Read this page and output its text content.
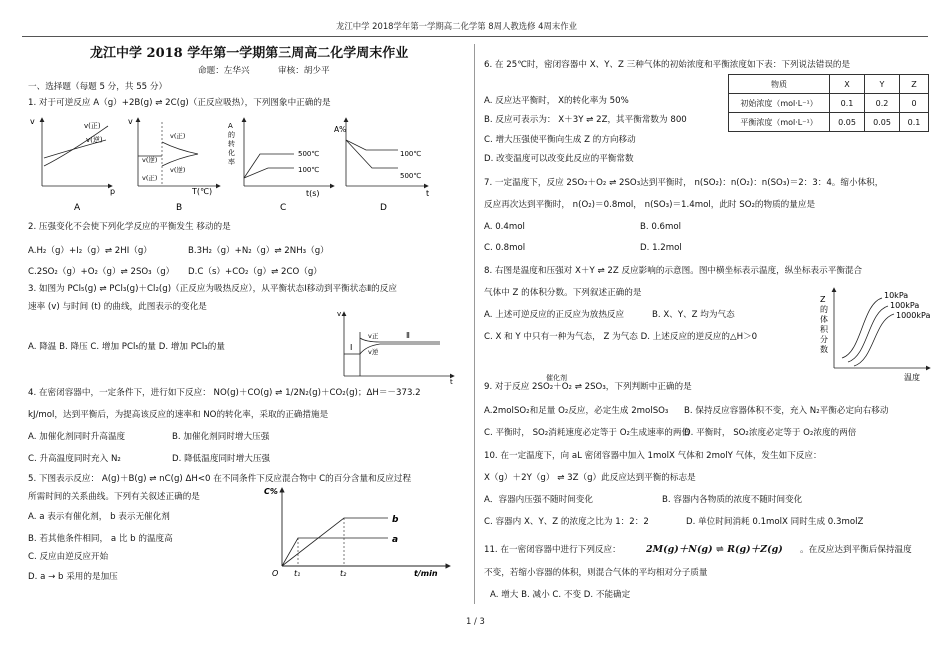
龙江中学 2018学年第一学期高二化学第 8周人教选修 4周末作业
龙江中学 2018 学年第一学期第三周高二化学周末作业
命题：左华兴	审核：胡少平
一、选择题（每题 5 分，共 55 分）
1. 对于可逆反应 A（g）+2B(g) ⇌ 2C(g)（正反应吸热），下列图象中正确的是
v
p
v(正)
v(逆)
A
v
T(℃)
v(正)
v(逆)
v(逆)
v(正)
B
A
的
转
化
率
500℃
100℃
t(s)
C
A%
100℃
500℃
t
D
2. 压强变化不会使下列化学反应的平衡发生 移动的是
A.H₂（g）+I₂（g）⇌ 2HI（g）	B.3H₂（g）+N₂（g）⇌ 2NH₃（g）
C.2SO₂（g）+O₂（g）⇌ 2SO₃（g） D.C（s）+CO₂（g）⇌ 2CO（g）
3. 如图为 PCl₅(g) ⇌ PCl₃(g)＋Cl₂(g)（正反应为吸热反应），从平衡状态Ⅰ移动到平衡状态Ⅱ的反应
速率 (v) 与时间 (t) 的曲线，此图表示的变化是
A. 降温 B. 降压 C. 增加 PCl₅的量 D. 增加 PCl₃的量
v
t
v正
v逆
Ⅰ
Ⅱ
4. 在密闭容器中，一定条件下，进行如下反应： NO(g)＋CO(g) ⇌ 1/2N₂(g)＋CO₂(g)；ΔH＝－373.2
kJ/mol，达到平衡后，为提高该反应的速率和 NO的转化率，采取的正确措施是
A. 加催化剂同时升高温度	B. 加催化剂同时增大压强
C. 升高温度同时充入 N₂	D. 降低温度同时增大压强
5. 下图表示反应： A(g)＋B(g) ⇌ nC(g) ΔH<0 在不同条件下反应混合物中 C的百分含量和反应过程
所需时间的关系曲线。下列有关叙述正确的是
A. a 表示有催化剂， b 表示无催化剂
B. 若其他条件相同， a 比 b 的温度高
C. 反应由逆反应开始
D. a → b 采用的是加压
C%
O t₁	t₂	t/min
b
a
6. 在 25℃时，密闭容器中 X、Y、Z 三种气体的初始浓度和平衡浓度如下表：下列说法错误的是
A. 反应达平衡时， X的转化率为 50%
B. 反应可表示为： X＋3Y ⇌ 2Z，其平衡常数为 800
C. 增大压强使平衡向生成 Z 的方向移动
D. 改变温度可以改变此反应的平衡常数
物质	X	Y	Z
初始浓度（mol·L⁻¹）	0.1	0.2	0
平衡浓度（mol·L⁻¹）	0.05	0.05	0.1
7. 一定温度下，反应 2SO₂＋O₂ ⇌ 2SO₃达到平衡时， n(SO₂)：n(O₂)：n(SO₃)＝2：3：4。缩小体积，
反应再次达到平衡时， n(O₂)＝0.8mol， n(SO₃)＝1.4mol，此时 SO₂的物质的量应是
A. 0.4mol	B. 0.6mol
C. 0.8mol	D. 1.2mol
8. 右图是温度和压强对 X＋Y ⇌ 2Z 反应影响的示意图。图中横坐标表示温度，纵坐标表示平衡混合
气体中 Z 的体积分数。下列叙述正确的是
A. 上述可逆反应的正反应为放热反应	B. X、Y、Z 均为气态
C. X 和 Y 中只有一种为气态， Z 为气态 D. 上述反应的逆反应的△H＞0
Z
的
体
积
分
数
10kPa
100kPa
1000kPa
温度
催化剂
9. 对于反应 2SO₂＋O₂ ⇌ 2SO₃，下列判断中正确的是
A.2molSO₂和足量 O₂反应，必定生成 2molSO₃ B. 保持反应容器体积不变，充入 N₂平衡必定向右移动
C. 平衡时， SO₂消耗速度必定等于 O₂生成速率的两倍
D. 平衡时， SO₂浓度必定等于 O₂浓度的两倍
10. 在一定温度下，向 aL 密闭容器中加入 1molX 气体和 2molY 气体，发生如下反应：
X（g）＋2Y（g） ⇌ 3Z（g）此反应达到平衡的标志是
A．容器内压强不随时间变化	B. 容器内各物质的浓度不随时间变化
C. 容器内 X、Y、Z 的浓度之比为 1：2：2	D. 单位时间消耗 0.1molX 同时生成 0.3molZ
11. 在一密闭容器中进行下列反应：	2M(g)＋N(g) ⇌ R(g)＋Z(g) 。在反应达到平衡后保持温度
不变，若缩小容器的体积，则混合气体的平均相对分子质量
A. 增大 B. 减小 C. 不变 D. 不能确定
1 / 3
